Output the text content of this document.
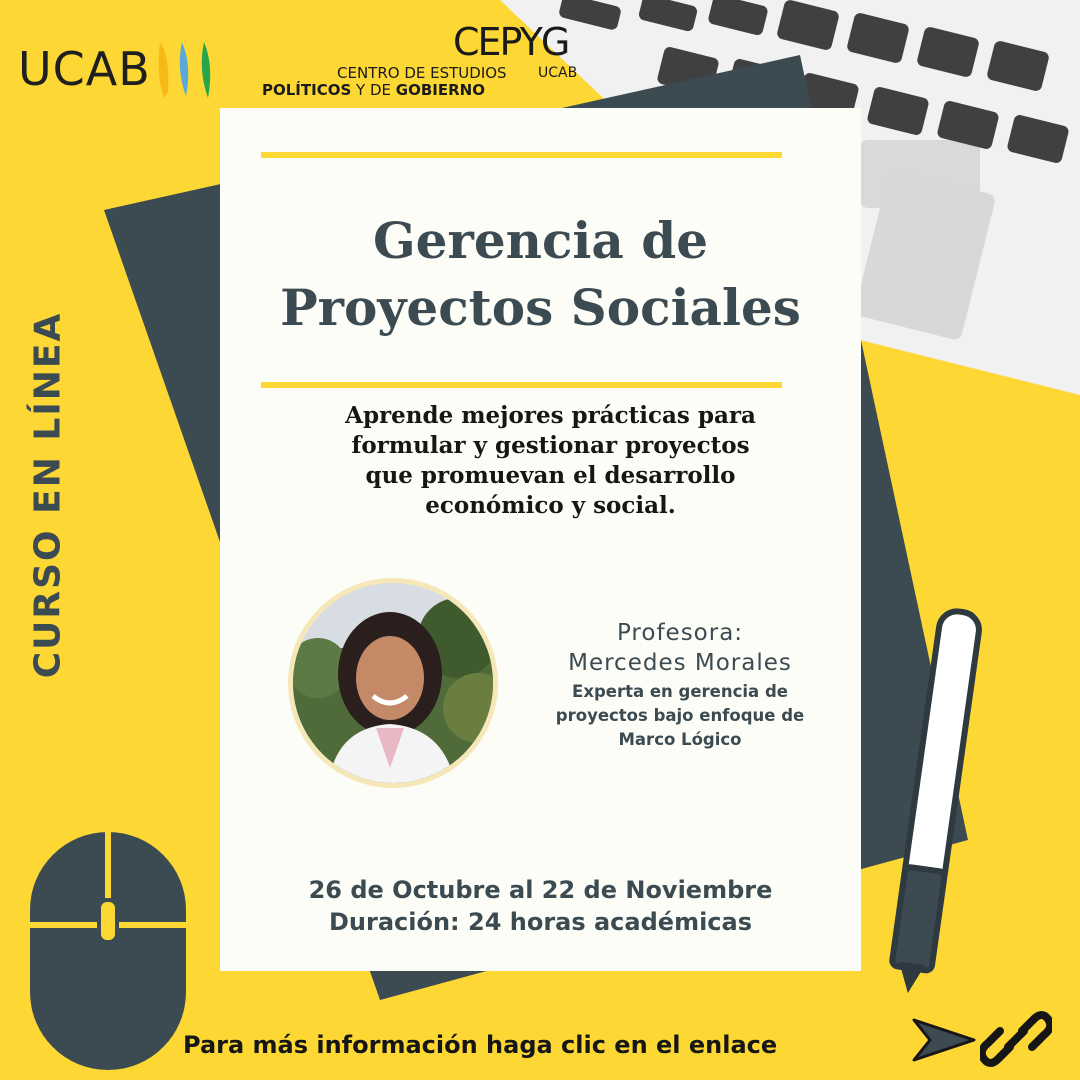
UCAB	CEPYG
UCAB
CENTRO DE ESTUDIOS
POLÍTICOS Y DE GOBIERNO
CURSO EN LÍNEA
Gerencia de
Proyectos Sociales
Aprende mejores prácticas para
formular y gestionar proyectos
que promuevan el desarrollo
económico y social.
Profesora:
Mercedes Morales
Experta en gerencia de
proyectos bajo enfoque de
Marco Lógico
26 de Octubre al 22 de Noviembre
Duración: 24 horas académicas
Para más información haga clic en el enlace
